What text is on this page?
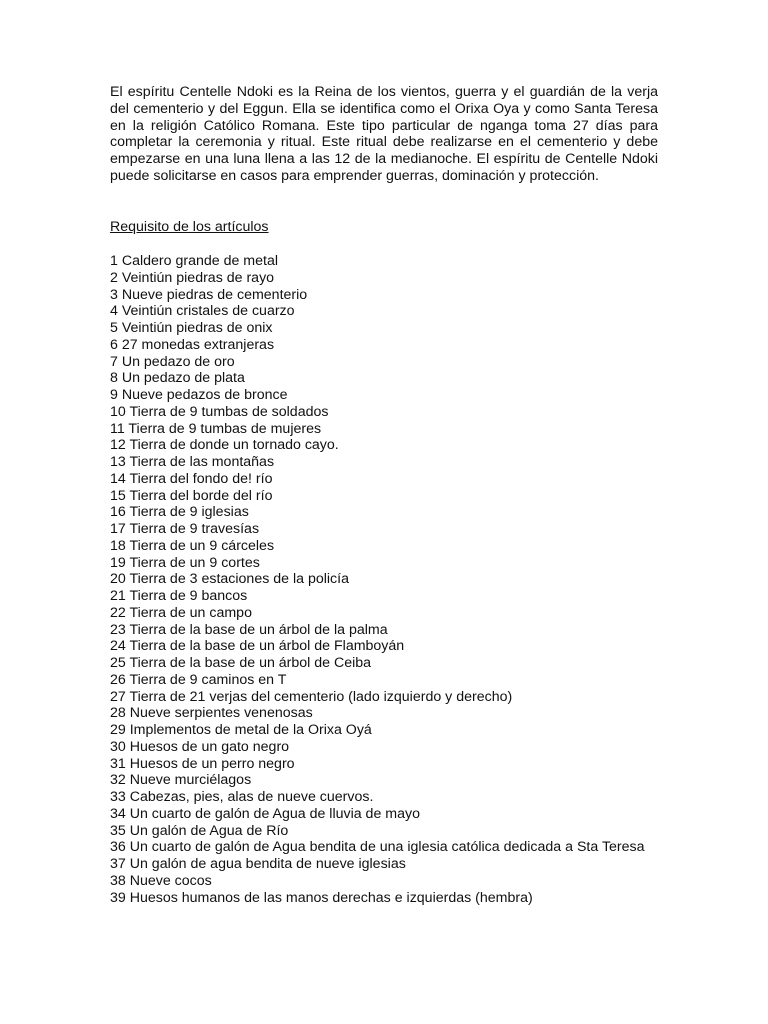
El espíritu Centelle Ndoki es la Reina de los vientos, guerra y el guardián de la verja del cementerio y del Eggun. Ella se identifica como el Orixa Oya y como Santa Teresa en la religión Católico Romana. Este tipo particular de nganga toma 27 días para completar la ceremonia y ritual. Este ritual debe realizarse en el cementerio y debe empezarse en una luna llena a las 12 de la medianoche. El espíritu de Centelle Ndoki puede solicitarse en casos para emprender guerras, dominación y protección.

Requisito de los artículos

1 Caldero grande de metal
2 Veintiún piedras de rayo
3 Nueve piedras de cementerio
4 Veintiún cristales de cuarzo
5 Veintiún piedras de onix
6 27 monedas extranjeras
7 Un pedazo de oro
8 Un pedazo de plata
9 Nueve pedazos de bronce
10 Tierra de 9 tumbas de soldados
11 Tierra de 9 tumbas de mujeres
12 Tierra de donde un tornado cayo.
13 Tierra de las montañas
14 Tierra del fondo de! río
15 Tierra del borde del río
16 Tierra de 9 iglesias
17 Tierra de 9 travesías
18 Tierra de un 9 cárceles
19 Tierra de un 9 cortes
20 Tierra de 3 estaciones de la policía
21 Tierra de 9 bancos
22 Tierra de un campo
23 Tierra de la base de un árbol de la palma
24 Tierra de la base de un árbol de Flamboyán
25 Tierra de la base de un árbol de Ceiba
26 Tierra de 9 caminos en T
27 Tierra de 21 verjas del cementerio (lado izquierdo y derecho)
28 Nueve serpientes venenosas
29 Implementos de metal de la Orixa Oyá
30 Huesos de un gato negro
31 Huesos de un perro negro
32 Nueve murciélagos
33 Cabezas, pies, alas de nueve cuervos.
34 Un cuarto de galón de Agua de lluvia de mayo
35 Un galón de Agua de Río
36 Un cuarto de galón de Agua bendita de una iglesia católica dedicada a Sta Teresa
37 Un galón de agua bendita de nueve iglesias
38 Nueve cocos
39 Huesos humanos de las manos derechas e izquierdas (hembra)
